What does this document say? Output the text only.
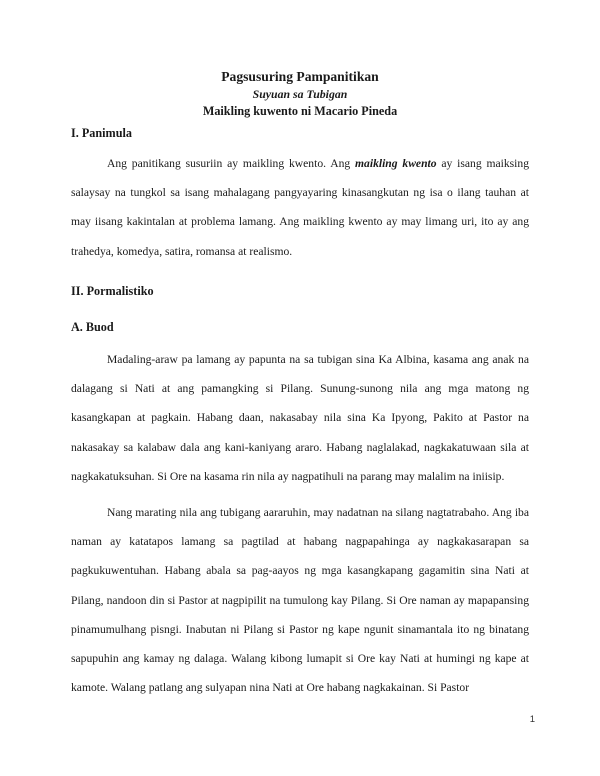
Pagsusuring Pampanitikan
Suyuan sa Tubigan
Maikling kuwento ni Macario Pineda
I. Panimula

Ang panitikang susuriin ay maikling kwento. Ang maikling kwento ay isang maiksing salaysay na tungkol sa isang mahalagang pangyayaring kinasangkutan ng isa o ilang tauhan at may iisang kakintalan at problema lamang. Ang maikling kwento ay may limang uri, ito ay ang trahedya, komedya, satira, romansa at realismo.

II. Pormalistiko
A. Buod

Madaling-araw pa lamang ay papunta na sa tubigan sina Ka Albina, kasama ang anak na dalagang si Nati at ang pamangking si Pilang. Sunung-sunong nila ang mga matong ng kasangkapan at pagkain. Habang daan, nakasabay nila sina Ka Ipyong, Pakito at Pastor na nakasakay sa kalabaw dala ang kani-kaniyang araro. Habang naglalakad, nagkakatuwaan sila at nagkakatuksuhan. Si Ore na kasama rin nila ay nagpatihuli na parang may malalim na iniisip.

Nang marating nila ang tubigang aararuhin, may nadatnan na silang nagtatrabaho. Ang iba naman ay katatapos lamang sa pagtilad at habang nagpapahinga ay nagkakasarapan sa pagkukuwentuhan. Habang abala sa pag-aayos ng mga kasangkapang gagamitin sina Nati at Pilang, nandoon din si Pastor at nagpipilit na tumulong kay Pilang. Si Ore naman ay mapapansing pinamumulhang pisngi. Inabutan ni Pilang si Pastor ng kape ngunit sinamantala ito ng binatang sapupuhin ang kamay ng dalaga. Walang kibong lumapit si Ore kay Nati at humingi ng kape at kamote. Walang patlang ang sulyapan nina Nati at Ore habang nagkakainan. Si Pastor

1
